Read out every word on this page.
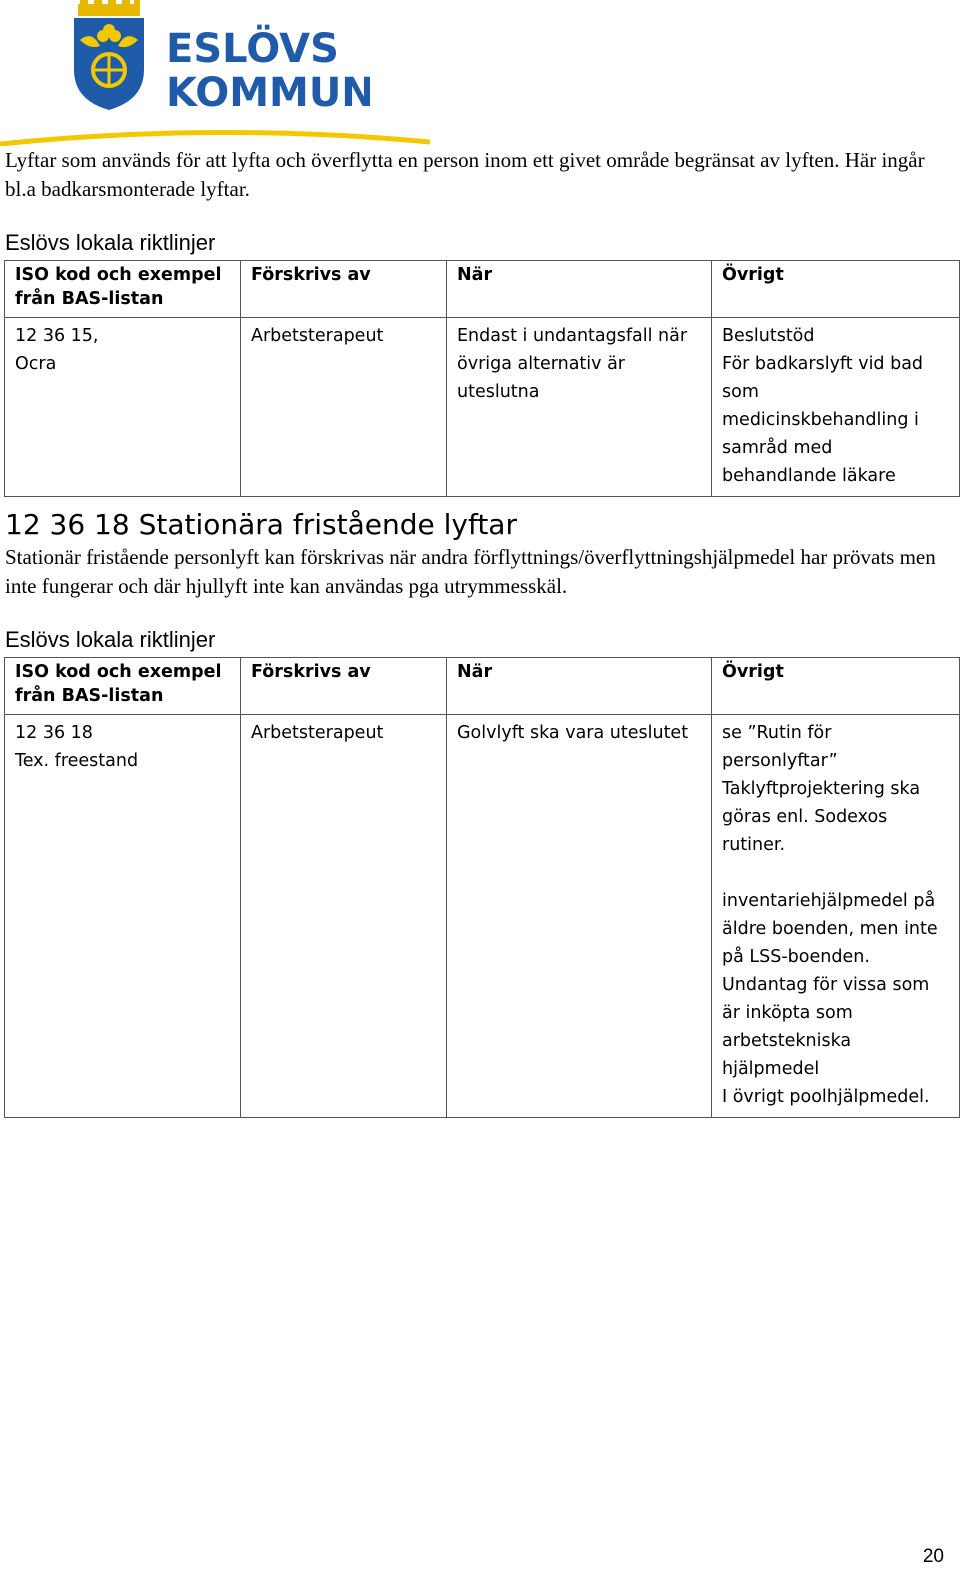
ESLÖVS
KOMMUN

Lyftar som används för att lyfta och överflytta en person inom ett givet område begränsat av lyften. Här ingår bl.a badkarsmonterade lyftar.

Eslövs lokala riktlinjer

ISO kod och exempel från BAS-listan	Förskrivs av	När	Övrigt

12 36 15,
Ocra	Arbetsterapeut	Endast i undantagsfall när övriga alternativ är uteslutna	Beslutstöd
För badkarslyft vid bad som medicinskbehandling i samråd med behandlande läkare
12 36 18 Stationära fristående lyftar

Stationär fristående personlyft kan förskrivas när andra förflyttnings/överflyttningshjälpmedel har prövats men inte fungerar och där hjullyft inte kan användas pga utrymmesskäl.

Eslövs lokala riktlinjer

ISO kod och exempel från BAS-listan	Förskrivs av	När	Övrigt

12 36 18
Tex. freestand	Arbetsterapeut	Golvlyft ska vara uteslutet	se ”Rutin för personlyftar” Taklyftprojektering ska göras enl. Sodexos rutiner.
inventariehjälpmedel på äldre boenden, men inte på LSS-boenden. Undantag för vissa som är inköpta som arbetstekniska hjälpmedel
I övrigt poolhjälpmedel.
20
